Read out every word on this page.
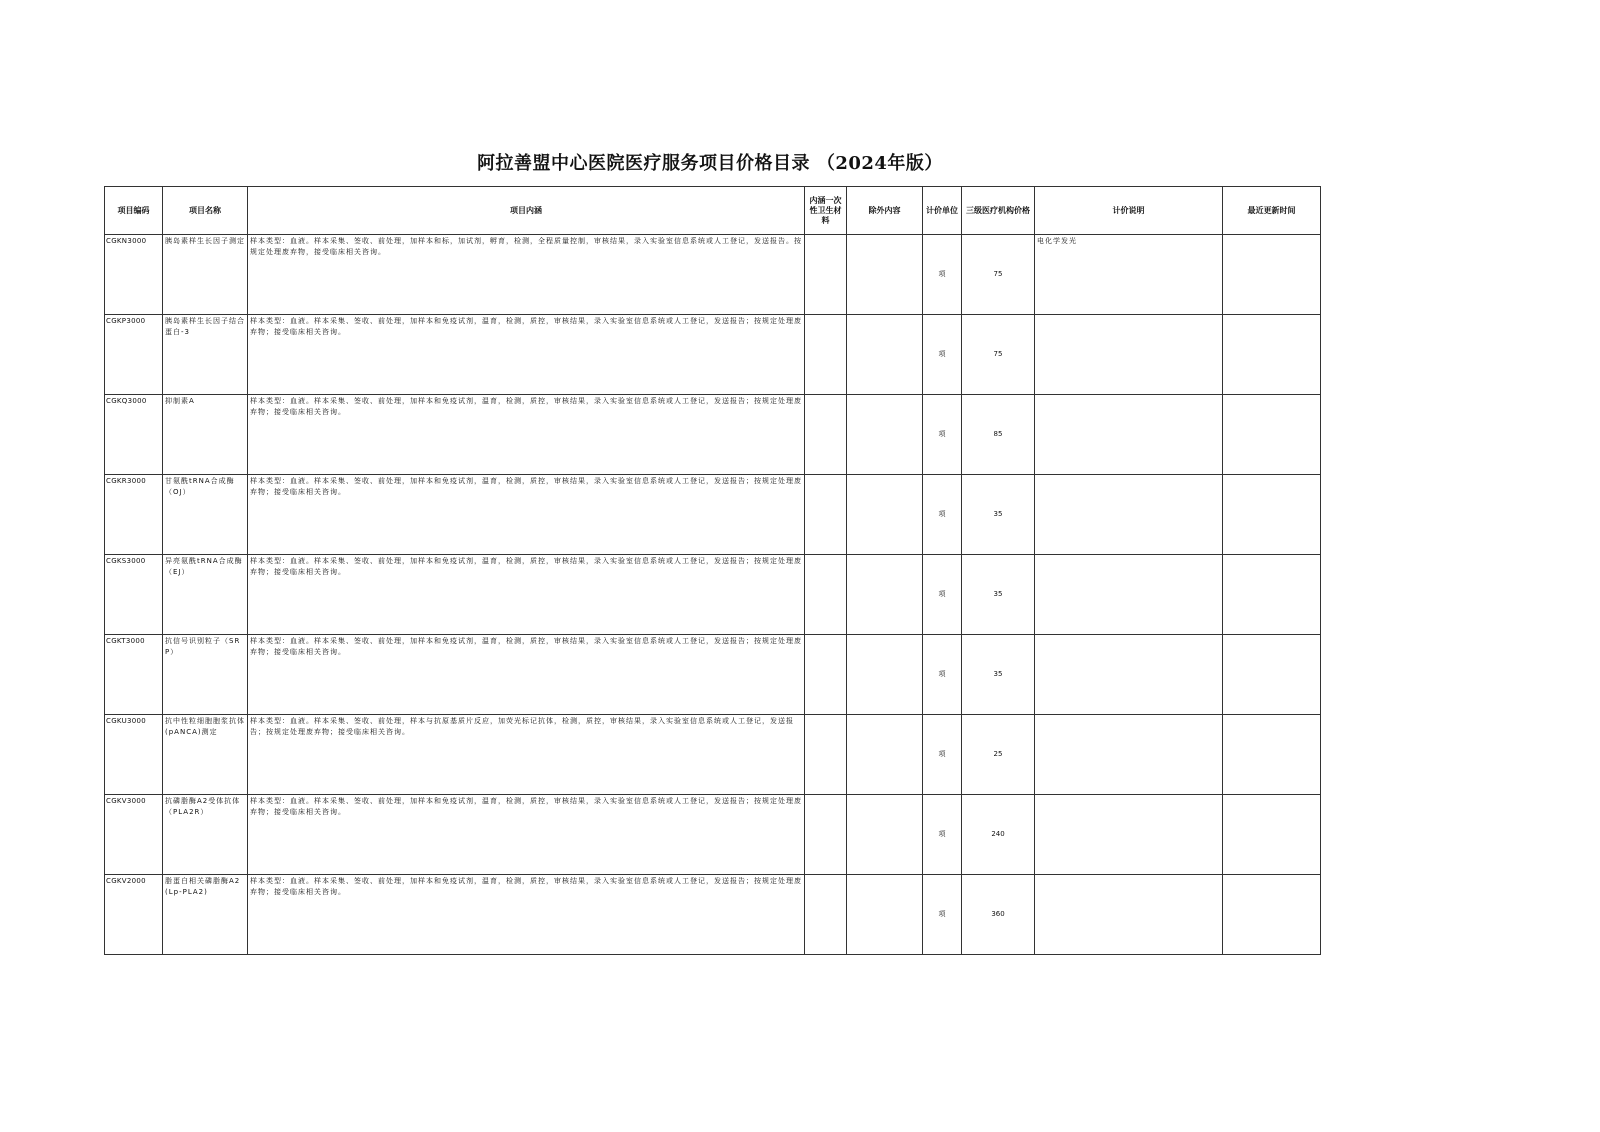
阿拉善盟中心医院医疗服务项目价格目录 （2024年版）
项目编码	项目名称	项目内涵	内涵一次性卫生材料	除外内容	计价单位	三级医疗机构价格	计价说明	最近更新时间
CGKN3000	胰岛素样生长因子测定	样本类型：血液。样本采集、签收、前处理，加样本和标，加试剂，孵育，检测，全程质量控制，审核结果，录入实验室信息系统或人工登记，发送报告。按规定处理废弃物，接受临床相关咨询。			项	75	电化学发光	
CGKP3000	胰岛素样生长因子结合蛋白-3	样本类型：血液。样本采集、签收、前处理，加样本和免疫试剂，温育，检测，质控，审核结果，录入实验室信息系统或人工登记，发送报告；按规定处理废弃物；接受临床相关咨询。			项	75		
CGKQ3000	抑制素A	样本类型：血液。样本采集、签收、前处理，加样本和免疫试剂，温育，检测，质控，审核结果，录入实验室信息系统或人工登记，发送报告；按规定处理废弃物；接受临床相关咨询。			项	85		
CGKR3000	甘氨酰tRNA合成酶（OJ）	样本类型：血液。样本采集、签收、前处理，加样本和免疫试剂，温育，检测，质控，审核结果，录入实验室信息系统或人工登记，发送报告；按规定处理废弃物；接受临床相关咨询。			项	35		
CGKS3000	异亮氨酰tRNA合成酶（EJ）	样本类型：血液。样本采集、签收、前处理，加样本和免疫试剂，温育，检测，质控，审核结果，录入实验室信息系统或人工登记，发送报告；按规定处理废弃物；接受临床相关咨询。			项	35		
CGKT3000	抗信号识别粒子（SRP）	样本类型：血液。样本采集、签收、前处理，加样本和免疫试剂，温育，检测，质控，审核结果，录入实验室信息系统或人工登记，发送报告；按规定处理废弃物；接受临床相关咨询。			项	35		
CGKU3000	抗中性粒细胞胞浆抗体(pANCA)测定	样本类型：血液。样本采集、签收、前处理，样本与抗原基质片反应，加荧光标记抗体，检测，质控，审核结果，录入实验室信息系统或人工登记，发送报告；按规定处理废弃物；接受临床相关咨询。			项	25		
CGKV3000	抗磷脂酶A2受体抗体（PLA2R）	样本类型：血液。样本采集、签收、前处理，加样本和免疫试剂，温育，检测，质控，审核结果，录入实验室信息系统或人工登记，发送报告；按规定处理废弃物；接受临床相关咨询。			项	240		
CGKV2000	脂蛋白相关磷脂酶A2(Lp-PLA2)	样本类型：血液。样本采集、签收、前处理，加样本和免疫试剂，温育，检测，质控，审核结果，录入实验室信息系统或人工登记，发送报告；按规定处理废弃物；接受临床相关咨询。			项	360		
